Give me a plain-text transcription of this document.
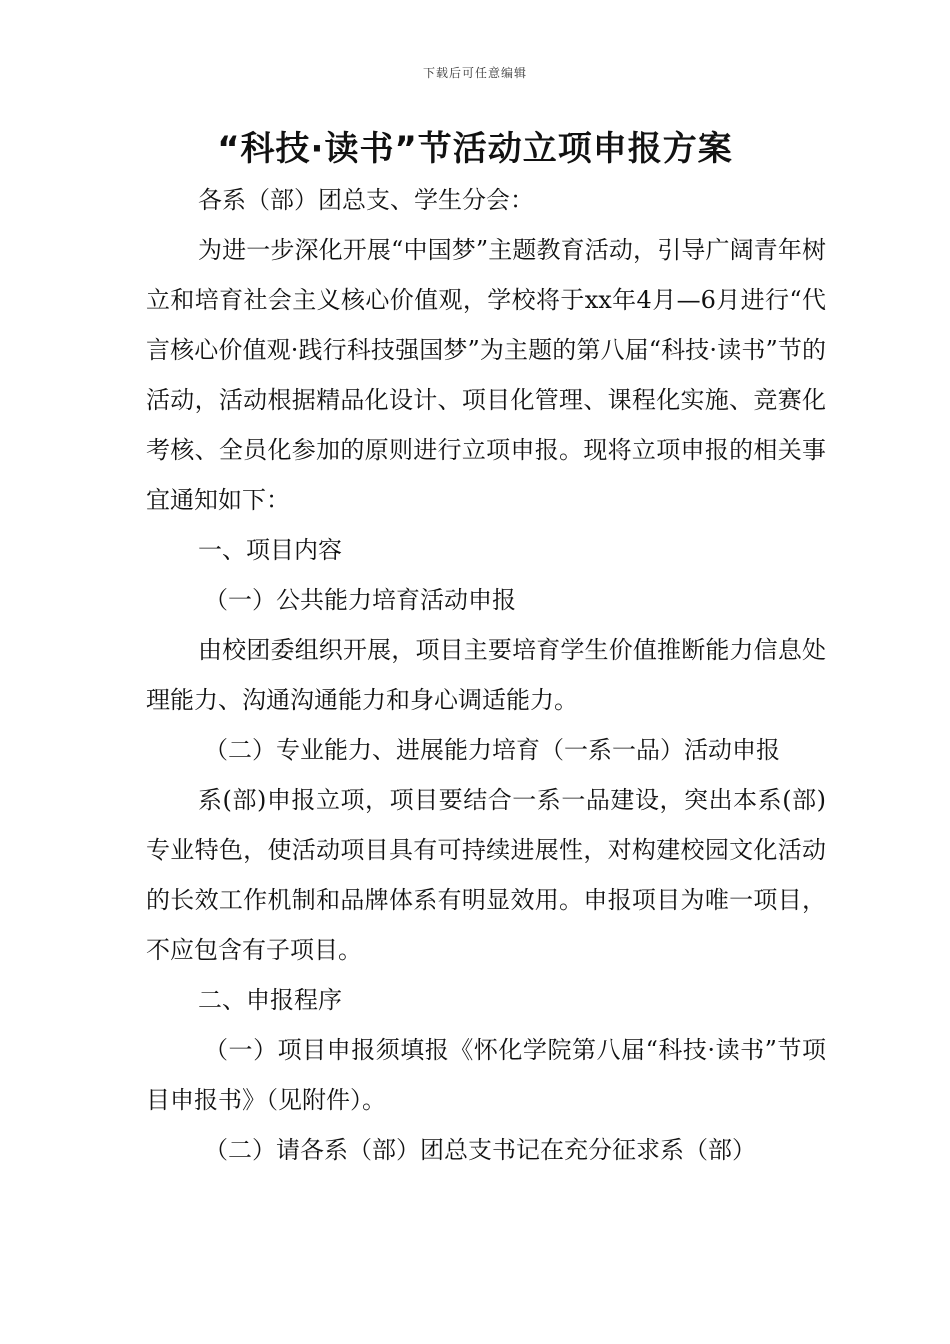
下载后可任意编辑
“科技·读书”节活动立项申报方案

各系（部）团总支、学生分会：

为进一步深化开展“中国梦”主题教育活动，引导广阔青年树立和培育社会主义核心价值观，学校将于xx年4月—6月进行“代言核心价值观·践行科技强国梦”为主题的第八届“科技·读书”节的活动，活动根据精品化设计、项目化管理、课程化实施、竞赛化考核、全员化参加的原则进行立项申报。现将立项申报的相关事宜通知如下：

一、项目内容

（一）公共能力培育活动申报

由校团委组织开展，项目主要培育学生价值推断能力信息处理能力、沟通沟通能力和身心调适能力。

（二）专业能力、进展能力培育（一系一品）活动申报

系(部)申报立项，项目要结合一系一品建设，突出本系(部)专业特色，使活动项目具有可持续进展性，对构建校园文化活动的长效工作机制和品牌体系有明显效用。申报项目为唯一项目，不应包含有子项目。

二、申报程序

（一）项目申报须填报《怀化学院第八届“科技·读书”节项目申报书》（见附件）。

（二）请各系（部）团总支书记在充分征求系（部）
